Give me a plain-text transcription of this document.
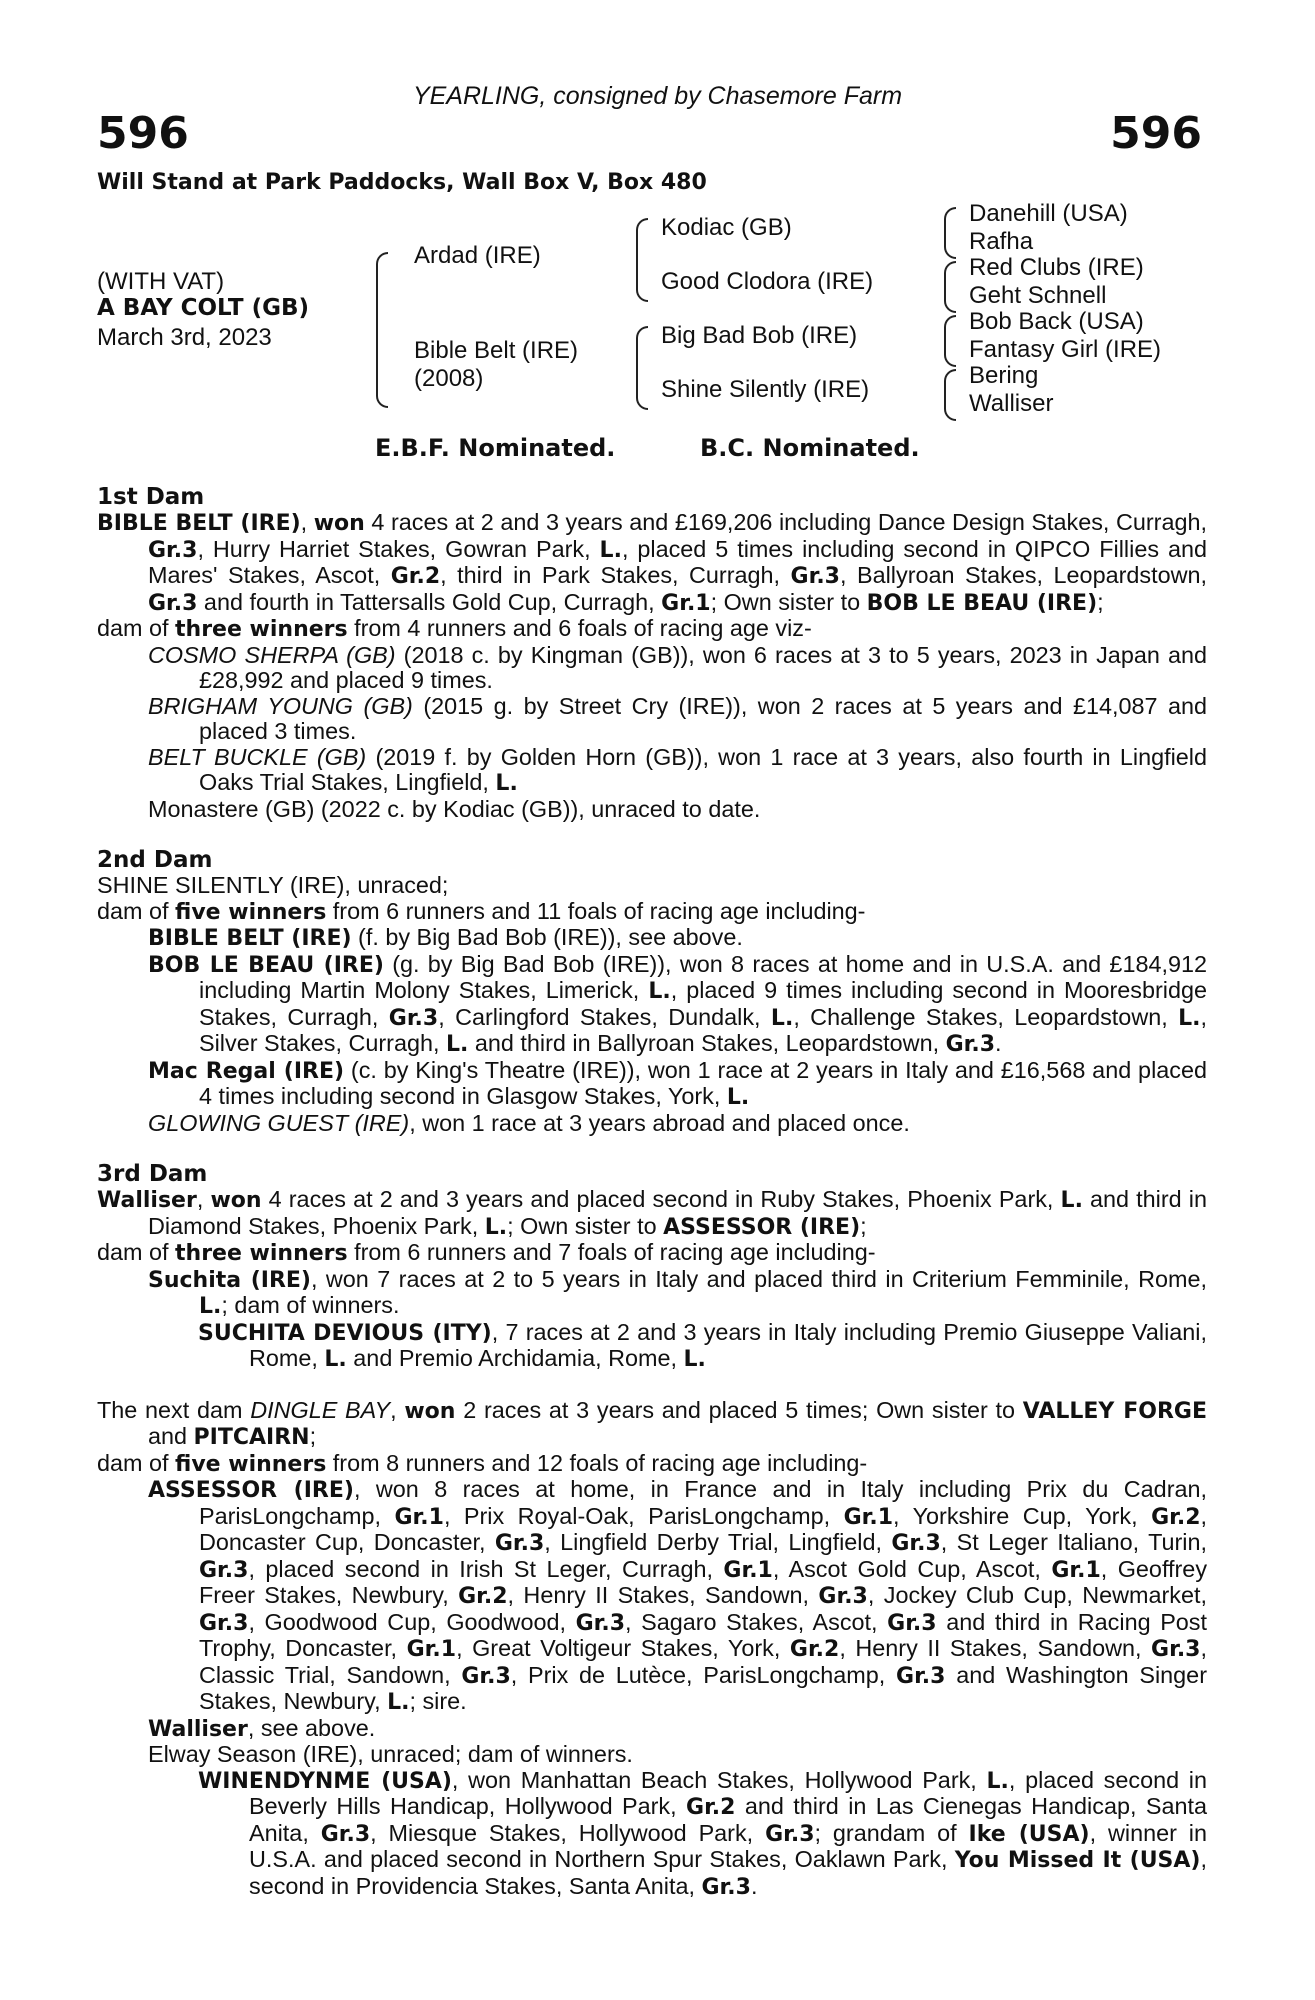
YEARLING, consigned by Chasemore Farm
596	596
Will Stand at Park Paddocks, Wall Box V, Box 480
(WITH VAT)
A BAY COLT (GB)
March 3rd, 2023
Ardad (IRE)
Bible Belt (IRE)
(2008)
Kodiac (GB)
Good Clodora (IRE)
Big Bad Bob (IRE)
Shine Silently (IRE)
Danehill (USA)
Rafha
Red Clubs (IRE)
Geht Schnell
Bob Back (USA)
Fantasy Girl (IRE)
Bering
Walliser
E.B.F. Nominated.	B.C. Nominated.
1st Dam
BIBLE BELT (IRE), won 4 races at 2 and 3 years and £169,206 including Dance Design Stakes, Curragh, Gr.3, Hurry Harriet Stakes, Gowran Park, L., placed 5 times including second in QIPCO Fillies and Mares' Stakes, Ascot, Gr.2, third in Park Stakes, Curragh, Gr.3, Ballyroan Stakes, Leopardstown, Gr.3 and fourth in Tattersalls Gold Cup, Curragh, Gr.1; Own sister to BOB LE BEAU (IRE);
dam of three winners from 4 runners and 6 foals of racing age viz-
COSMO SHERPA (GB) (2018 c. by Kingman (GB)), won 6 races at 3 to 5 years, 2023 in Japan and £28,992 and placed 9 times.
BRIGHAM YOUNG (GB) (2015 g. by Street Cry (IRE)), won 2 races at 5 years and £14,087 and placed 3 times.
BELT BUCKLE (GB) (2019 f. by Golden Horn (GB)), won 1 race at 3 years, also fourth in Lingfield Oaks Trial Stakes, Lingfield, L.
Monastere (GB) (2022 c. by Kodiac (GB)), unraced to date.
2nd Dam
SHINE SILENTLY (IRE), unraced;
dam of five winners from 6 runners and 11 foals of racing age including-
BIBLE BELT (IRE) (f. by Big Bad Bob (IRE)), see above.
BOB LE BEAU (IRE) (g. by Big Bad Bob (IRE)), won 8 races at home and in U.S.A. and £184,912 including Martin Molony Stakes, Limerick, L., placed 9 times including second in Mooresbridge Stakes, Curragh, Gr.3, Carlingford Stakes, Dundalk, L., Challenge Stakes, Leopardstown, L., Silver Stakes, Curragh, L. and third in Ballyroan Stakes, Leopardstown, Gr.3.
Mac Regal (IRE) (c. by King's Theatre (IRE)), won 1 race at 2 years in Italy and £16,568 and placed 4 times including second in Glasgow Stakes, York, L.
GLOWING GUEST (IRE), won 1 race at 3 years abroad and placed once.
3rd Dam
Walliser, won 4 races at 2 and 3 years and placed second in Ruby Stakes, Phoenix Park, L. and third in Diamond Stakes, Phoenix Park, L.; Own sister to ASSESSOR (IRE);
dam of three winners from 6 runners and 7 foals of racing age including-
Suchita (IRE), won 7 races at 2 to 5 years in Italy and placed third in Criterium Femminile, Rome, L.; dam of winners.
SUCHITA DEVIOUS (ITY), 7 races at 2 and 3 years in Italy including Premio Giuseppe Valiani, Rome, L. and Premio Archidamia, Rome, L.
The next dam DINGLE BAY, won 2 races at 3 years and placed 5 times; Own sister to VALLEY FORGE and PITCAIRN;
dam of five winners from 8 runners and 12 foals of racing age including-
ASSESSOR (IRE), won 8 races at home, in France and in Italy including Prix du Cadran, ParisLongchamp, Gr.1, Prix Royal-Oak, ParisLongchamp, Gr.1, Yorkshire Cup, York, Gr.2, Doncaster Cup, Doncaster, Gr.3, Lingfield Derby Trial, Lingfield, Gr.3, St Leger Italiano, Turin, Gr.3, placed second in Irish St Leger, Curragh, Gr.1, Ascot Gold Cup, Ascot, Gr.1, Geoffrey Freer Stakes, Newbury, Gr.2, Henry II Stakes, Sandown, Gr.3, Jockey Club Cup, Newmarket, Gr.3, Goodwood Cup, Goodwood, Gr.3, Sagaro Stakes, Ascot, Gr.3 and third in Racing Post Trophy, Doncaster, Gr.1, Great Voltigeur Stakes, York, Gr.2, Henry II Stakes, Sandown, Gr.3, Classic Trial, Sandown, Gr.3, Prix de Lutèce, ParisLongchamp, Gr.3 and Washington Singer Stakes, Newbury, L.; sire.
Walliser, see above.
Elway Season (IRE), unraced; dam of winners.
WINENDYNME (USA), won Manhattan Beach Stakes, Hollywood Park, L., placed second in Beverly Hills Handicap, Hollywood Park, Gr.2 and third in Las Cienegas Handicap, Santa Anita, Gr.3, Miesque Stakes, Hollywood Park, Gr.3; grandam of Ike (USA), winner in U.S.A. and placed second in Northern Spur Stakes, Oaklawn Park, You Missed It (USA), second in Providencia Stakes, Santa Anita, Gr.3.
